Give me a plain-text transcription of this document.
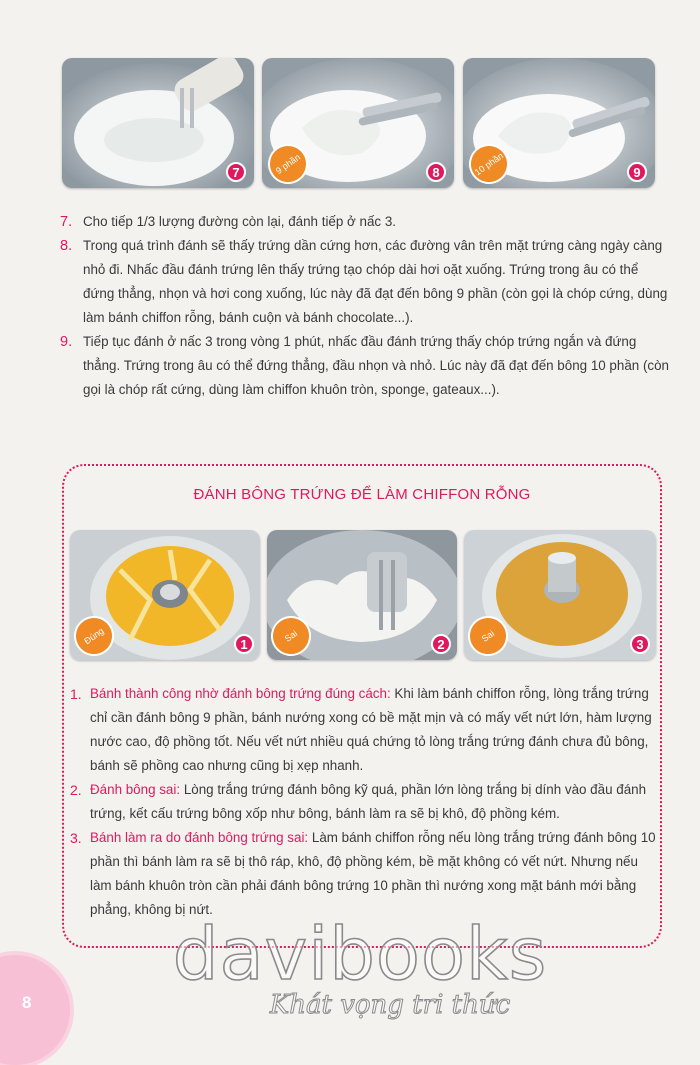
7	9 phần	8	10 phần	9
7. Cho tiếp 1/3 lượng đường còn lại, đánh tiếp ở nấc 3.
8. Trong quá trình đánh sẽ thấy trứng dần cứng hơn, các đường vân trên mặt trứng càng ngày càng nhỏ đi. Nhấc đầu đánh trứng lên thấy trứng tạo chóp dài hơi oặt xuống. Trứng trong âu có thể đứng thẳng, nhọn và hơi cong xuống, lúc này đã đạt đến bông 9 phần (còn gọi là chóp cứng, dùng làm bánh chiffon rỗng, bánh cuộn và bánh chocolate...).
9. Tiếp tục đánh ở nấc 3 trong vòng 1 phút, nhấc đầu đánh trứng thấy chóp trứng ngắn và đứng thẳng. Trứng trong âu có thể đứng thẳng, đầu nhọn và nhỏ. Lúc này đã đạt đến bông 10 phần (còn gọi là chóp rất cứng, dùng làm chiffon khuôn tròn, sponge, gateaux...).
ĐÁNH BÔNG TRỨNG ĐỂ LÀM CHIFFON RỖNG
Đúng	1
Sai
2
Sai
3
1. Bánh thành công nhờ đánh bông trứng đúng cách: Khi làm bánh chiffon rỗng, lòng trắng trứng chỉ cần đánh bông 9 phần, bánh nướng xong có bề mặt mịn và có mấy vết nứt lớn, hàm lượng nước cao, độ phồng tốt. Nếu vết nứt nhiều quá chứng tỏ lòng trắng trứng đánh chưa đủ bông, bánh sẽ phồng cao nhưng cũng bị xẹp nhanh.
2. Đánh bông sai: Lòng trắng trứng đánh bông kỹ quá, phần lớn lòng trắng bị dính vào đầu đánh trứng, kết cấu trứng bông xốp như bông, bánh làm ra sẽ bị khô, độ phồng kém.
3. Bánh làm ra do đánh bông trứng sai: Làm bánh chiffon rỗng nếu lòng trắng trứng đánh bông 10 phần thì bánh làm ra sẽ bị thô ráp, khô, độ phồng kém, bề mặt không có vết nứt. Nhưng nếu làm bánh khuôn tròn cần phải đánh bông trứng 10 phần thì nướng xong mặt bánh mới bằng phẳng, không bị nứt.
8
davibooks
Khát vọng tri thức
